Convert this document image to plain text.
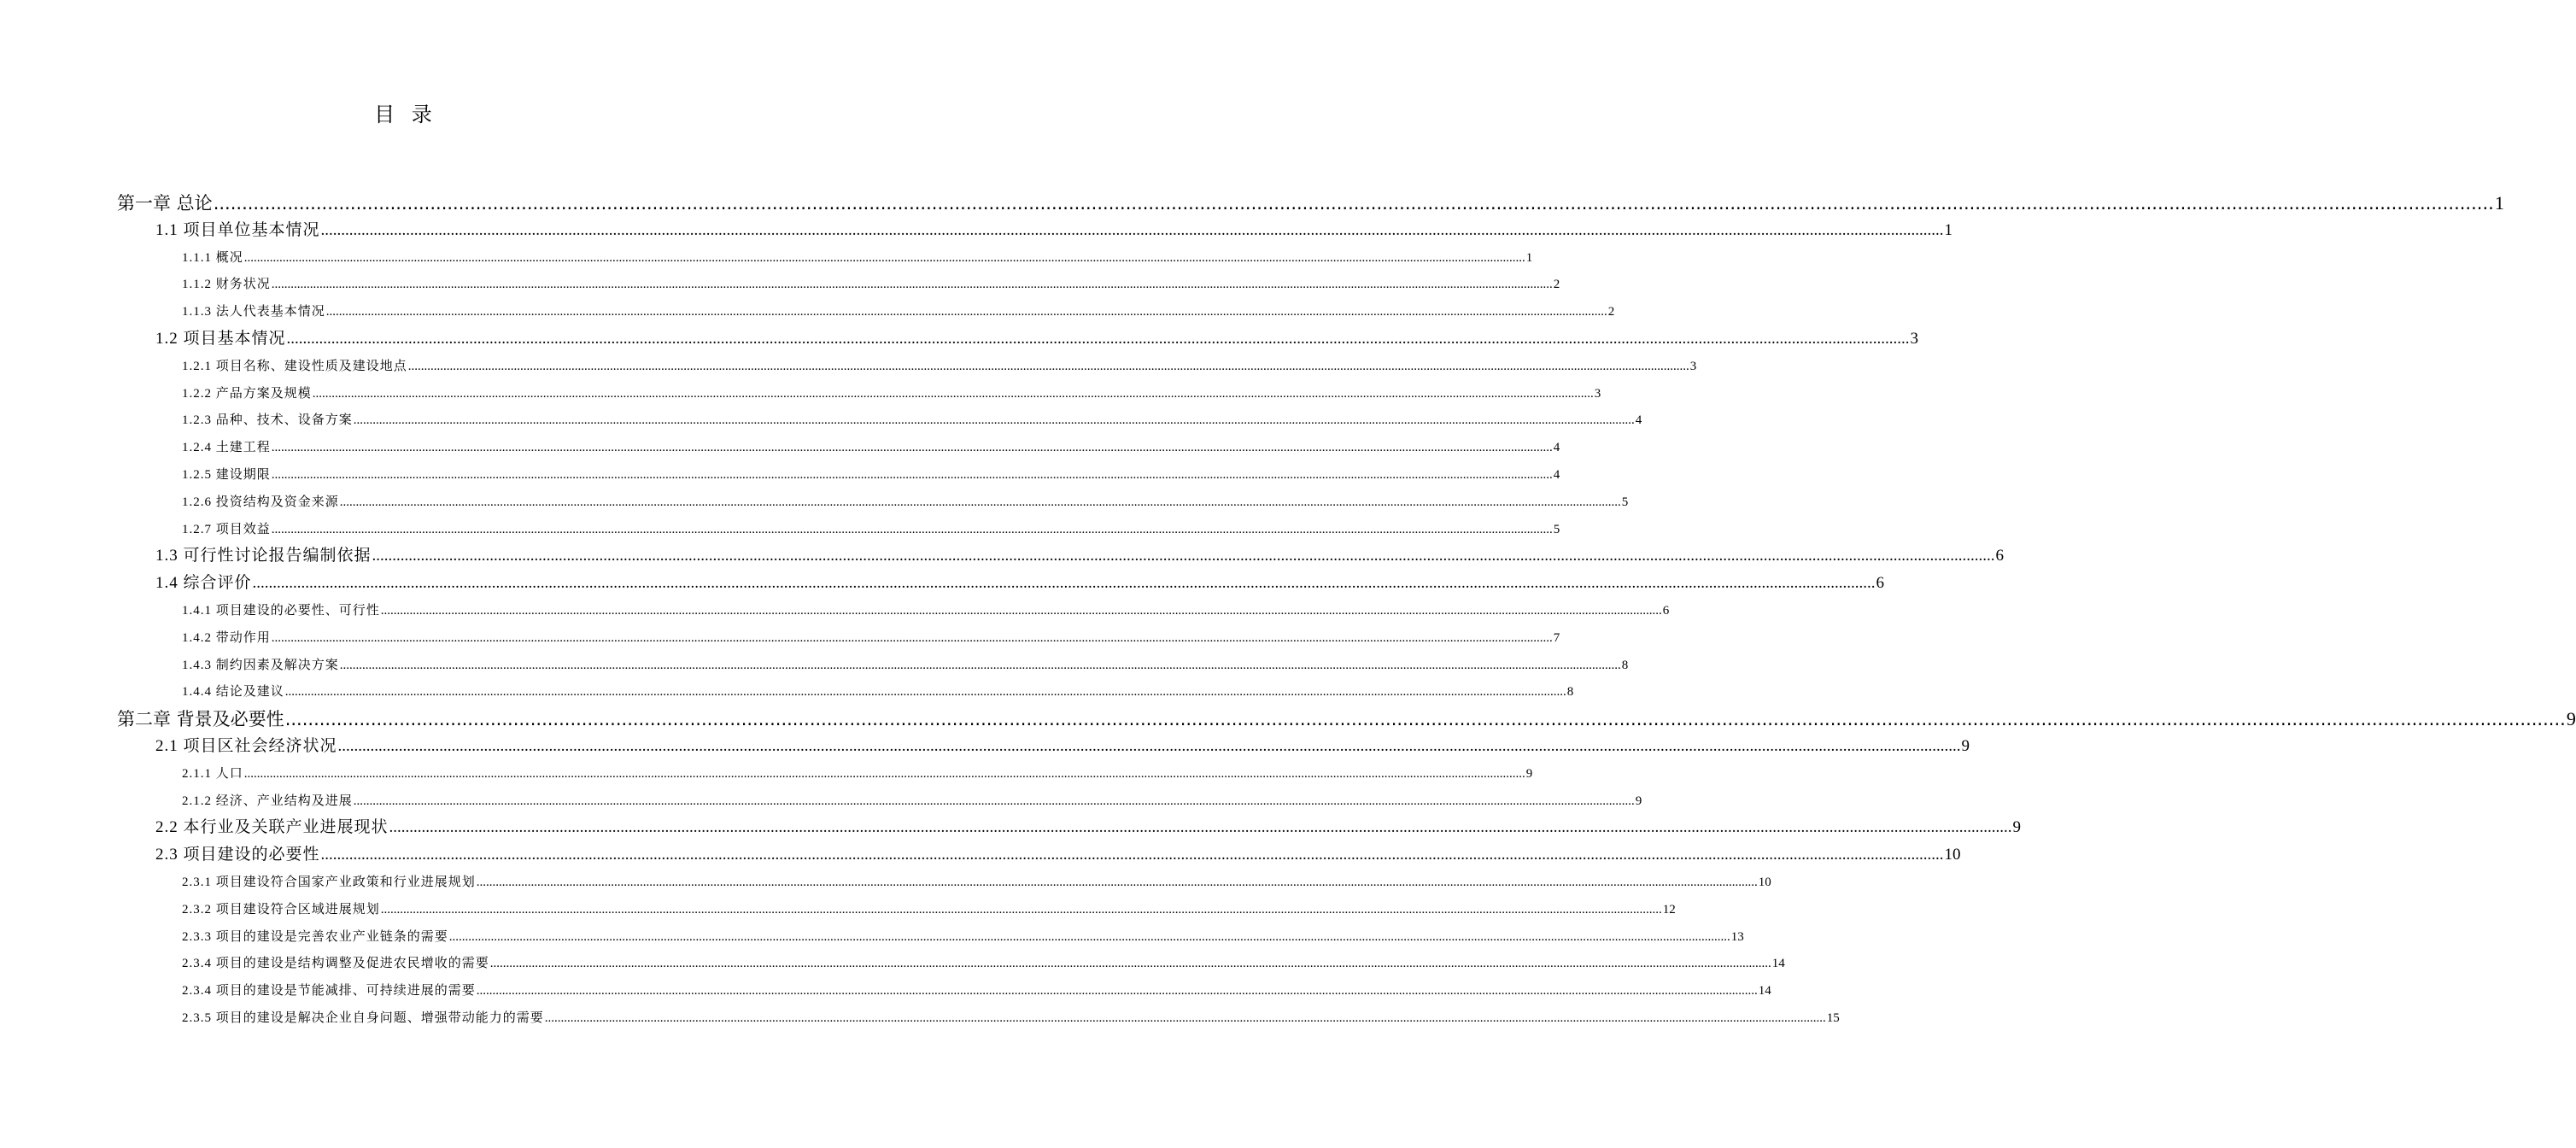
目 录
第一章 总论 ................................................................................................................................................................................................................................................................................................................................................................................................................ 1
1.1 项目单位基本情况 ................................................................................................................................................................................................................................................................................................................................................................................................................ 1
1.1.1 概况 ................................................................................................................................................................................................................................................................................................................................................................................................................ 1
1.1.2 财务状况 ................................................................................................................................................................................................................................................................................................................................................................................................................ 2
1.1.3 法人代表基本情况 ................................................................................................................................................................................................................................................................................................................................................................................................................ 2
1.2 项目基本情况 ................................................................................................................................................................................................................................................................................................................................................................................................................ 3
1.2.1 项目名称、建设性质及建设地点 ................................................................................................................................................................................................................................................................................................................................................................................................................ 3
1.2.2 产品方案及规模 ................................................................................................................................................................................................................................................................................................................................................................................................................ 3
1.2.3 品种、技术、设备方案 ................................................................................................................................................................................................................................................................................................................................................................................................................ 4
1.2.4 土建工程 ................................................................................................................................................................................................................................................................................................................................................................................................................ 4
1.2.5 建设期限 ................................................................................................................................................................................................................................................................................................................................................................................................................ 4
1.2.6 投资结构及资金来源 ................................................................................................................................................................................................................................................................................................................................................................................................................ 5
1.2.7 项目效益 ................................................................................................................................................................................................................................................................................................................................................................................................................ 5
1.3 可行性讨论报告编制依据 ................................................................................................................................................................................................................................................................................................................................................................................................................ 6
1.4 综合评价 ................................................................................................................................................................................................................................................................................................................................................................................................................ 6
1.4.1 项目建设的必要性、可行性 ................................................................................................................................................................................................................................................................................................................................................................................................................ 6
1.4.2 带动作用 ................................................................................................................................................................................................................................................................................................................................................................................................................ 7
1.4.3 制约因素及解决方案 ................................................................................................................................................................................................................................................................................................................................................................................................................ 8
1.4.4 结论及建议 ................................................................................................................................................................................................................................................................................................................................................................................................................ 8
第二章 背景及必要性 ................................................................................................................................................................................................................................................................................................................................................................................................................ 9
2.1 项目区社会经济状况 ................................................................................................................................................................................................................................................................................................................................................................................................................ 9
2.1.1 人口 ................................................................................................................................................................................................................................................................................................................................................................................................................ 9
2.1.2 经济、产业结构及进展 ................................................................................................................................................................................................................................................................................................................................................................................................................ 9
2.2 本行业及关联产业进展现状 ................................................................................................................................................................................................................................................................................................................................................................................................................ 9
2.3 项目建设的必要性 ................................................................................................................................................................................................................................................................................................................................................................................................................ 10
2.3.1 项目建设符合国家产业政策和行业进展规划 ................................................................................................................................................................................................................................................................................................................................................................................................................ 10
2.3.2 项目建设符合区域进展规划 ................................................................................................................................................................................................................................................................................................................................................................................................................ 12
2.3.3 项目的建设是完善农业产业链条的需要 ................................................................................................................................................................................................................................................................................................................................................................................................................ 13
2.3.4 项目的建设是结构调整及促进农民增收的需要 ................................................................................................................................................................................................................................................................................................................................................................................................................ 14
2.3.4 项目的建设是节能减排、可持续进展的需要 ................................................................................................................................................................................................................................................................................................................................................................................................................ 14
2.3.5 项目的建设是解决企业自身问题、增强带动能力的需要 ................................................................................................................................................................................................................................................................................................................................................................................................................ 15
